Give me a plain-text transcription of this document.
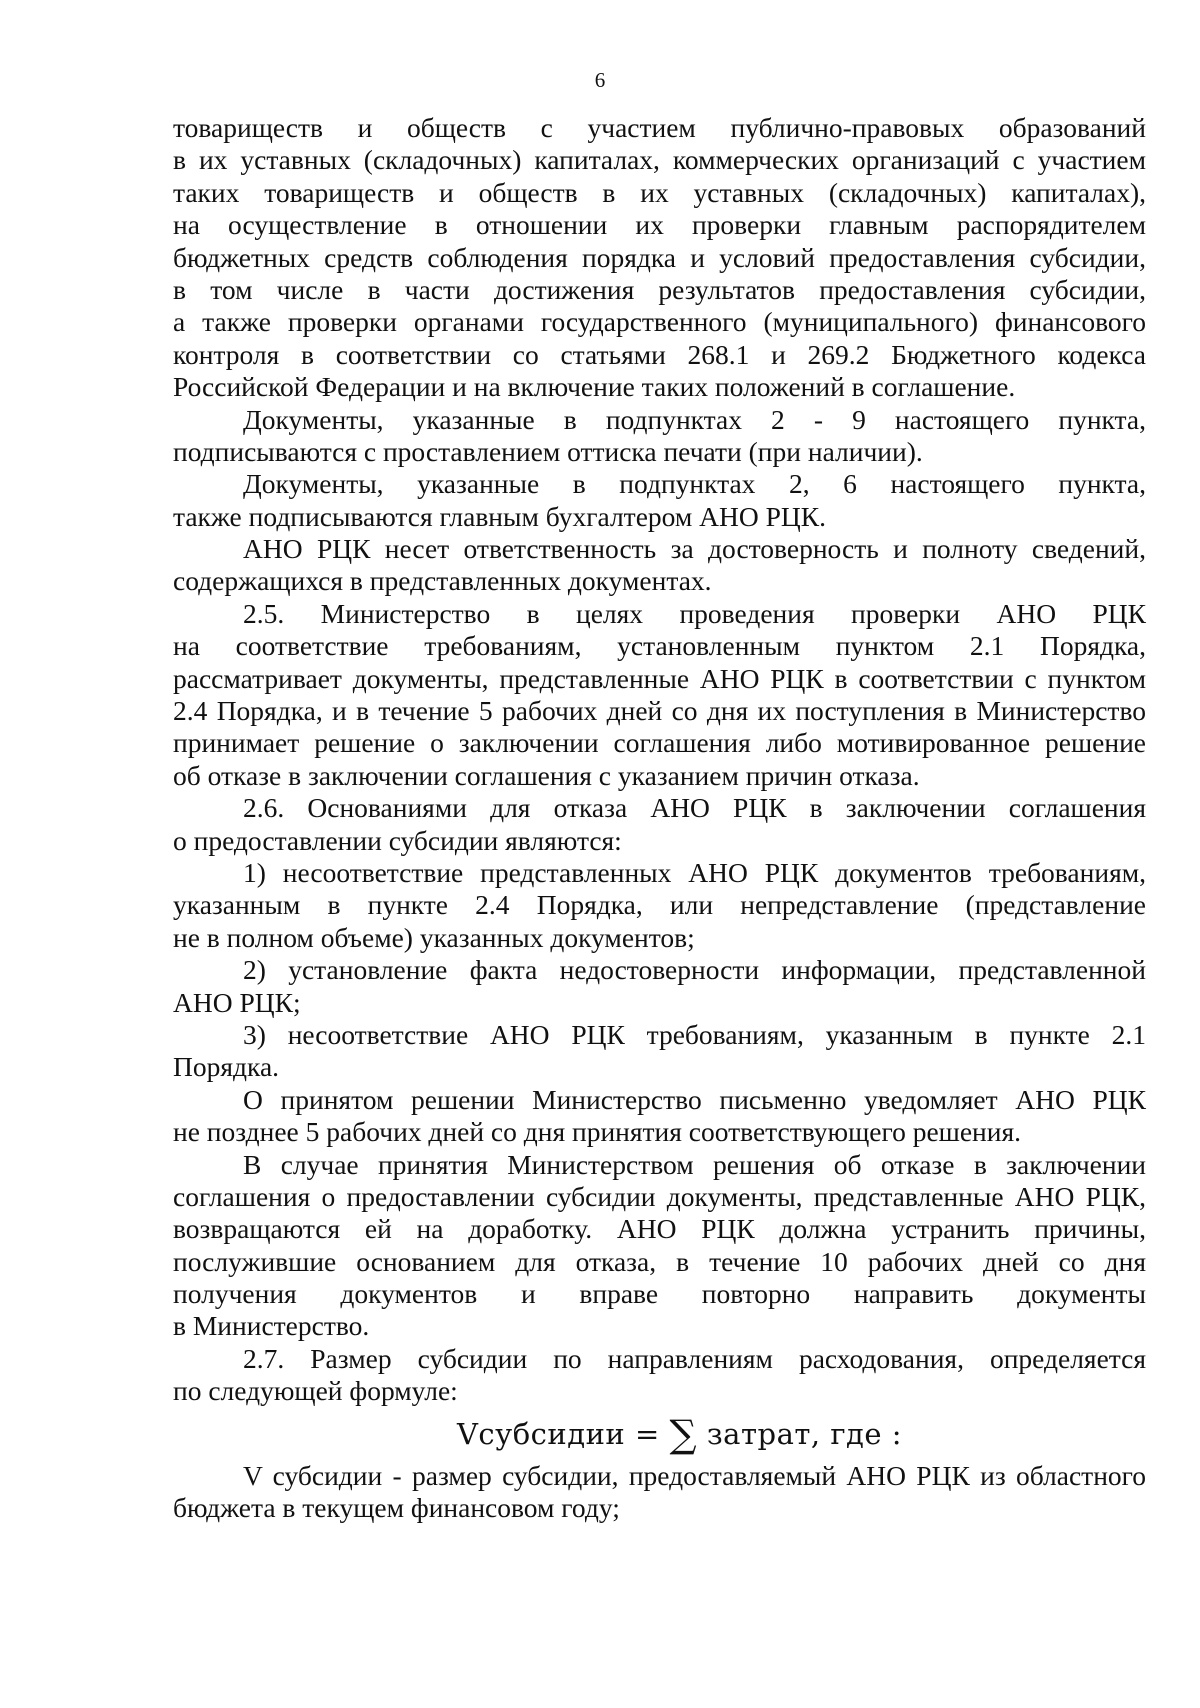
6
товариществ и обществ с участием публично-правовых образований
в их уставных (складочных) капиталах, коммерческих организаций с участием
таких товариществ и обществ в их уставных (складочных) капиталах),
на осуществление в отношении их проверки главным распорядителем
бюджетных средств соблюдения порядка и условий предоставления субсидии,
в том числе в части достижения результатов предоставления субсидии,
а также проверки органами государственного (муниципального) финансового
контроля в соответствии со статьями 268.1 и 269.2 Бюджетного кодекса
Российской Федерации и на включение таких положений в соглашение.
Документы, указанные в подпунктах 2 - 9 настоящего пункта,
подписываются с проставлением оттиска печати (при наличии).
Документы, указанные в подпунктах 2, 6 настоящего пункта,
также подписываются главным бухгалтером АНО РЦК.
АНО РЦК несет ответственность за достоверность и полноту сведений,
содержащихся в представленных документах.
2.5. Министерство в целях проведения проверки АНО РЦК
на соответствие требованиям, установленным пунктом 2.1 Порядка,
рассматривает документы, представленные АНО РЦК в соответствии с пунктом
2.4 Порядка, и в течение 5 рабочих дней со дня их поступления в Министерство
принимает решение о заключении соглашения либо мотивированное решение
об отказе в заключении соглашения с указанием причин отказа.
2.6. Основаниями для отказа АНО РЦК в заключении соглашения
о предоставлении субсидии являются:
1) несоответствие представленных АНО РЦК документов требованиям,
указанным в пункте 2.4 Порядка, или непредставление (представление
не в полном объеме) указанных документов;
2) установление факта недостоверности информации, представленной
АНО РЦК;
3) несоответствие АНО РЦК требованиям, указанным в пункте 2.1
Порядка.
О принятом решении Министерство письменно уведомляет АНО РЦК
не позднее 5 рабочих дней со дня принятия соответствующего решения.
В случае принятия Министерством решения об отказе в заключении
соглашения о предоставлении субсидии документы, представленные АНО РЦК,
возвращаются ей на доработку. АНО РЦК должна устранить причины,
послужившие основанием для отказа, в течение 10 рабочих дней со дня
получения документов и вправе повторно направить документы
в Министерство.
2.7. Размер субсидии по направлениям расходования, определяется
по следующей формуле:
Vсубсидии = ∑ затрат, где :
V субсидии - размер субсидии, предоставляемый АНО РЦК из областного
бюджета в текущем финансовом году;
